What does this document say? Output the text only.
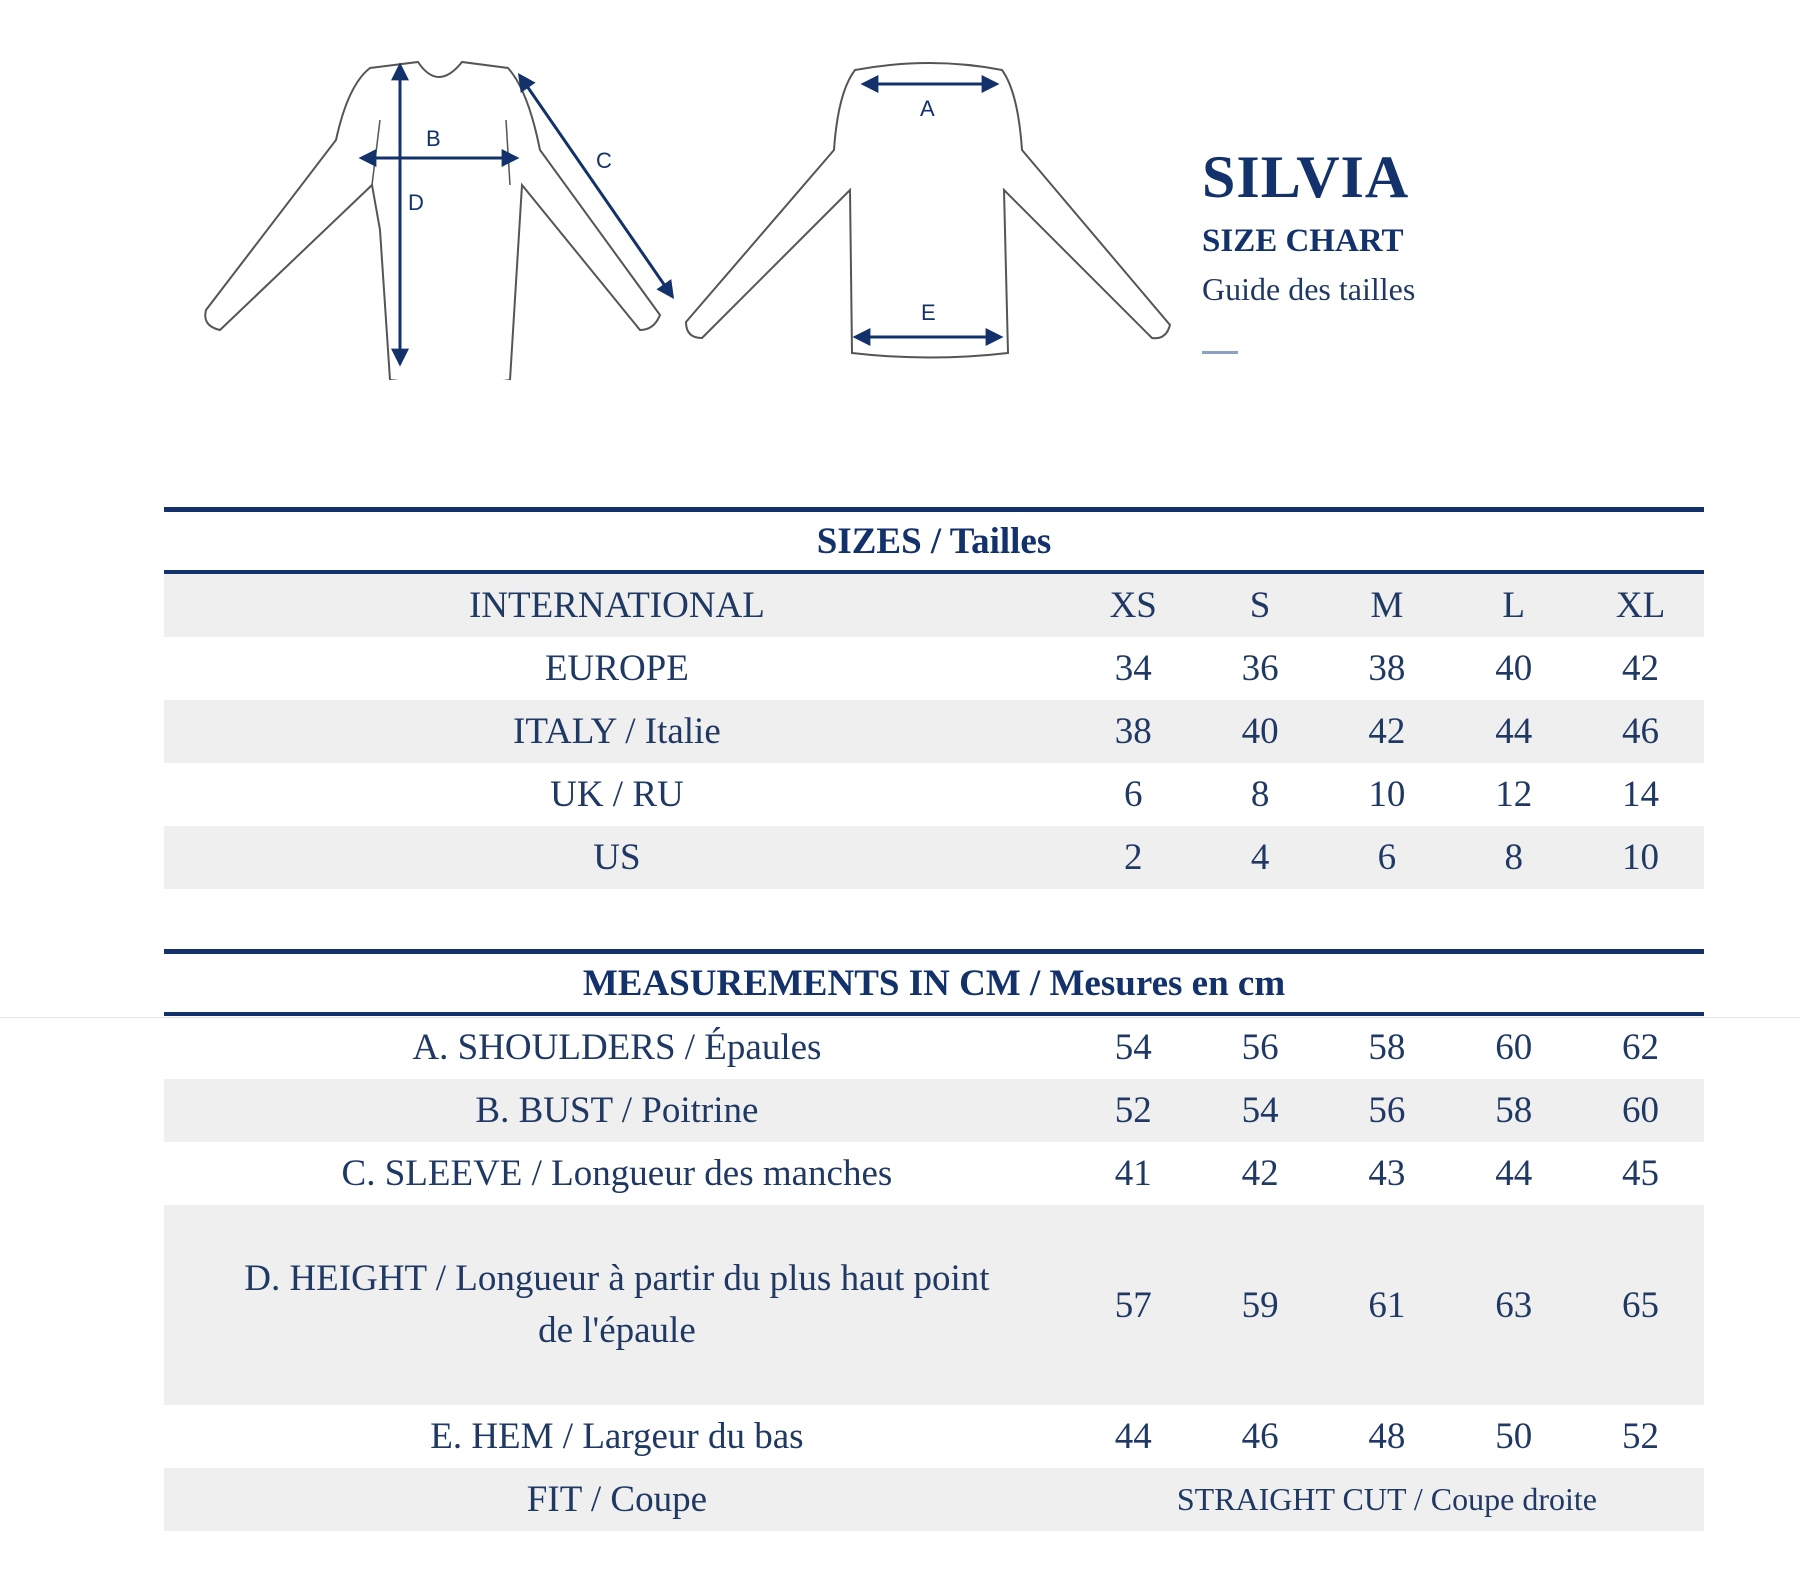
B
C
D
A
E
SILVIA
SIZE CHART
Guide des tailles
SIZES / Tailles
INTERNATIONAL	XS	S	M	L	XL
EUROPE	34	36	38	40	42
ITALY / Italie	38	40	42	44	46
UK / RU	6	8	10	12	14
US	2	4	6	8	10
MEASUREMENTS IN CM / Mesures en cm
A. SHOULDERS / Épaules	54	56	58	60	62
B. BUST / Poitrine	52	54	56	58	60
C. SLEEVE / Longueur des manches	41	42	43	44	45
D. HEIGHT / Longueur à partir du plus haut point
de l'épaule
57	59	61	63	65
E. HEM / Largeur du bas	44	46	48	50	52
FIT / Coupe	STRAIGHT CUT / Coupe droite
